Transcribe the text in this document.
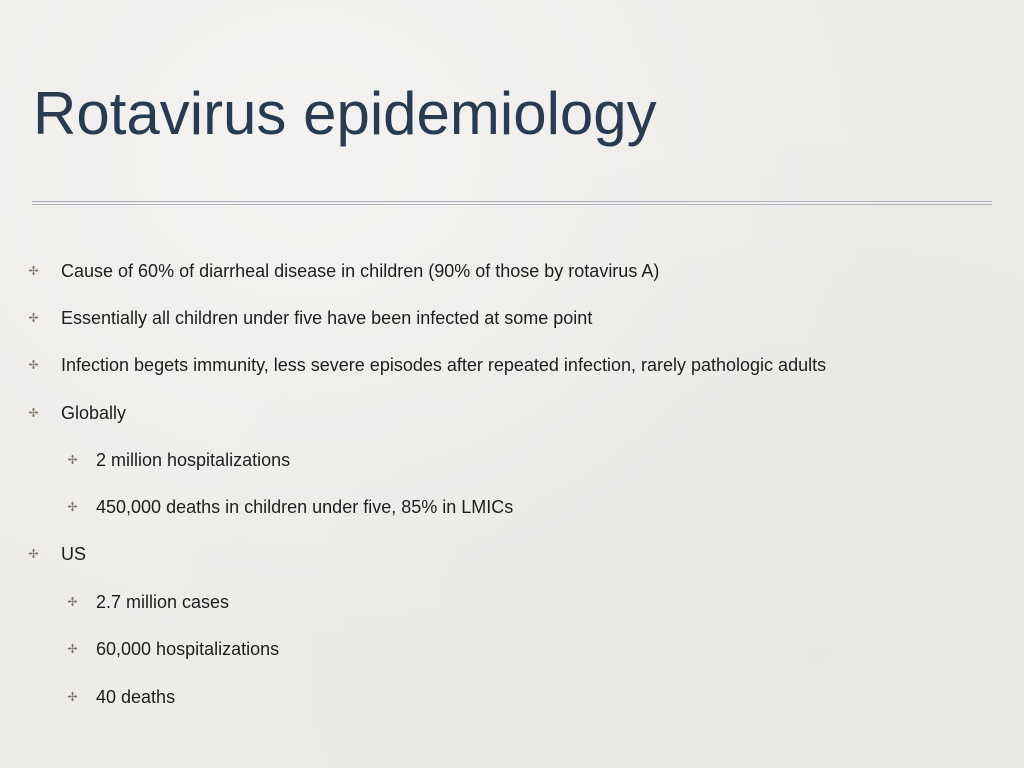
Rotavirus epidemiology
Cause of 60% of diarrheal disease in children (90% of those by rotavirus A)
Essentially all children under five have been infected at some point
Infection begets immunity, less severe episodes after repeated infection, rarely pathologic adults
Globally
2 million hospitalizations
450,000 deaths in children under five, 85% in LMICs
US
2.7 million cases
60,000 hospitalizations
40 deaths
